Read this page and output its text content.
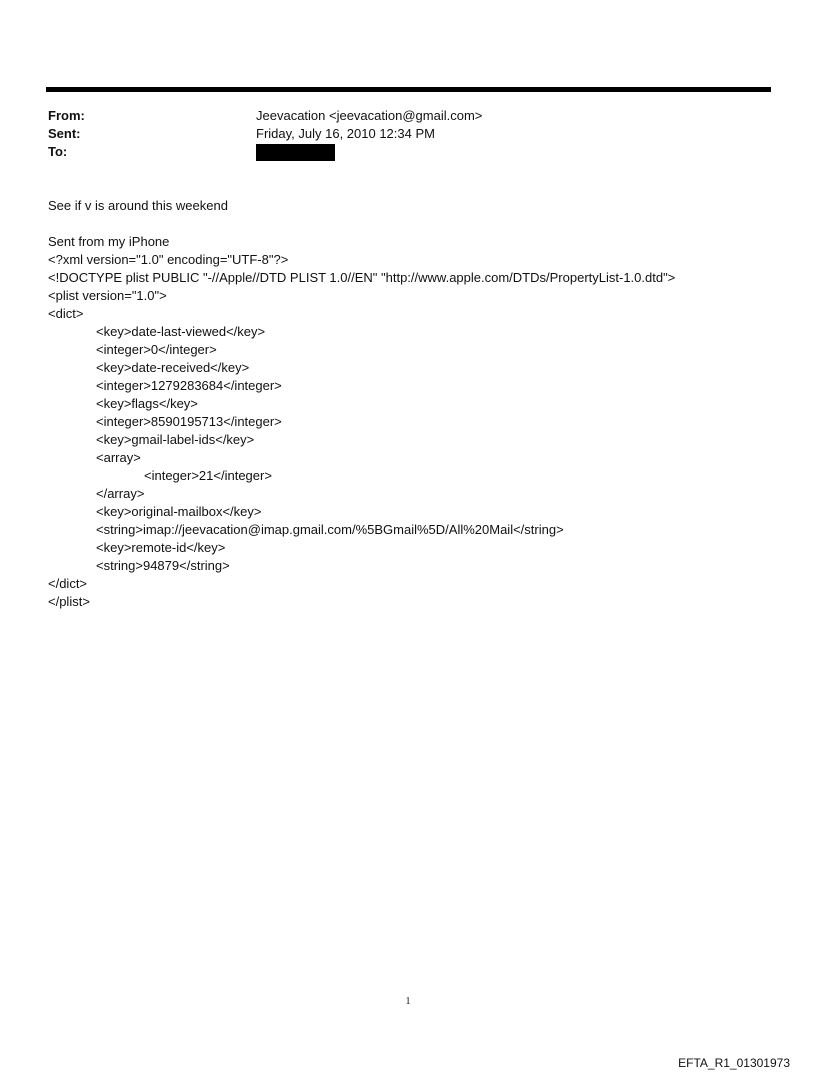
From:	Jeevacation <jeevacation@gmail.com>
Sent:	Friday, July 16, 2010 12:34 PM
To:
See if v is around this weekend
Sent from my iPhone
<?xml version="1.0" encoding="UTF-8"?>
<!DOCTYPE plist PUBLIC "-//Apple//DTD PLIST 1.0//EN" "http://www.apple.com/DTDs/PropertyList-1.0.dtd">
<plist version="1.0">
<dict>
<key>date-last-viewed</key>
<integer>0</integer>
<key>date-received</key>
<integer>1279283684</integer>
<key>flags</key>
<integer>8590195713</integer>
<key>gmail-label-ids</key>
<array>
<integer>21</integer>
</array>
<key>original-mailbox</key>
<string>imap://jeevacation@imap.gmail.com/%5BGmail%5D/All%20Mail</string>
<key>remote-id</key>
<string>94879</string>
</dict>
</plist>
1
EFTA_R1_01301973
